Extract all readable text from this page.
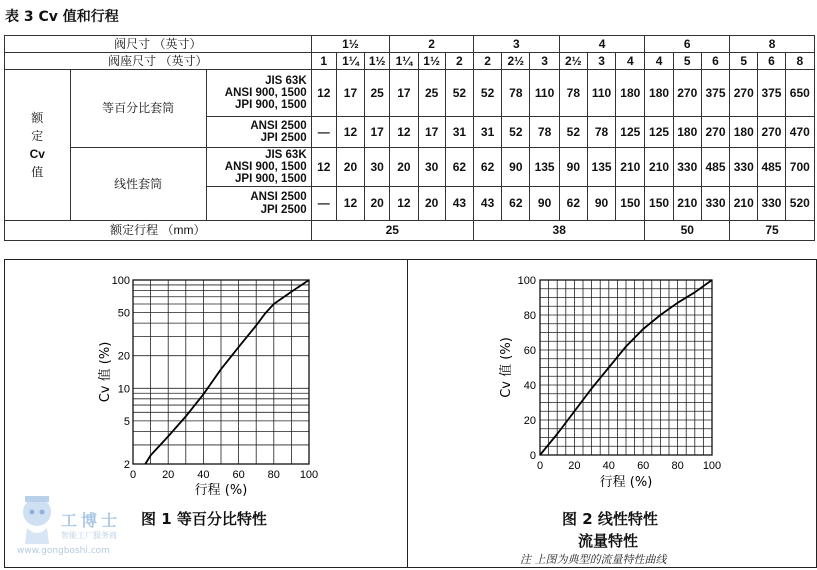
表 3 Cv 值和行程
阀尺寸 （英寸）			1½			2			3			4			6			8		
阀座尺寸 （英寸）			1	1¼	1½	1¼	1½	2	2	2½	3	2½	3	4	4	5	6	5	6	8

额
定
Cv
值	等百分比套筒	JIS 63K
ANSI 900, 1500
JPI 900, 1500	12	17	25	17	25	52	52	78	110	78	110	180	180	270	375	270	375	650

		ANSI 2500
JPI 2500	—	12	17	12	17	31	31	52	78	52	78	125	125	180	270	180	270	470
	线性套筒	JIS 63K
ANSI 900, 1500
JPI 900, 1500	12	20	30	20	30	62	62	90	135	90	135	210	210	330	485	330	485	700

		ANSI 2500
JPI 2500	—	12	20	12	20	43	43	62	90	62	90	150	150	210	330	210	330	520
额定行程 （mm）			25						38						50			75		
0 20 40 60 80 100
2
5
10
20
50
100
行程 (%)
Cv 值 (%)
工博士
智能工厂服务商
www.gongboshi.com
图 1 等百分比特性
0 20 40 60 80 100
0
20
40
60
80
100
行程 (%)
Cv 值 (%)
图 2 线性特性
流量特性
注 上图为典型的流量特性曲线
